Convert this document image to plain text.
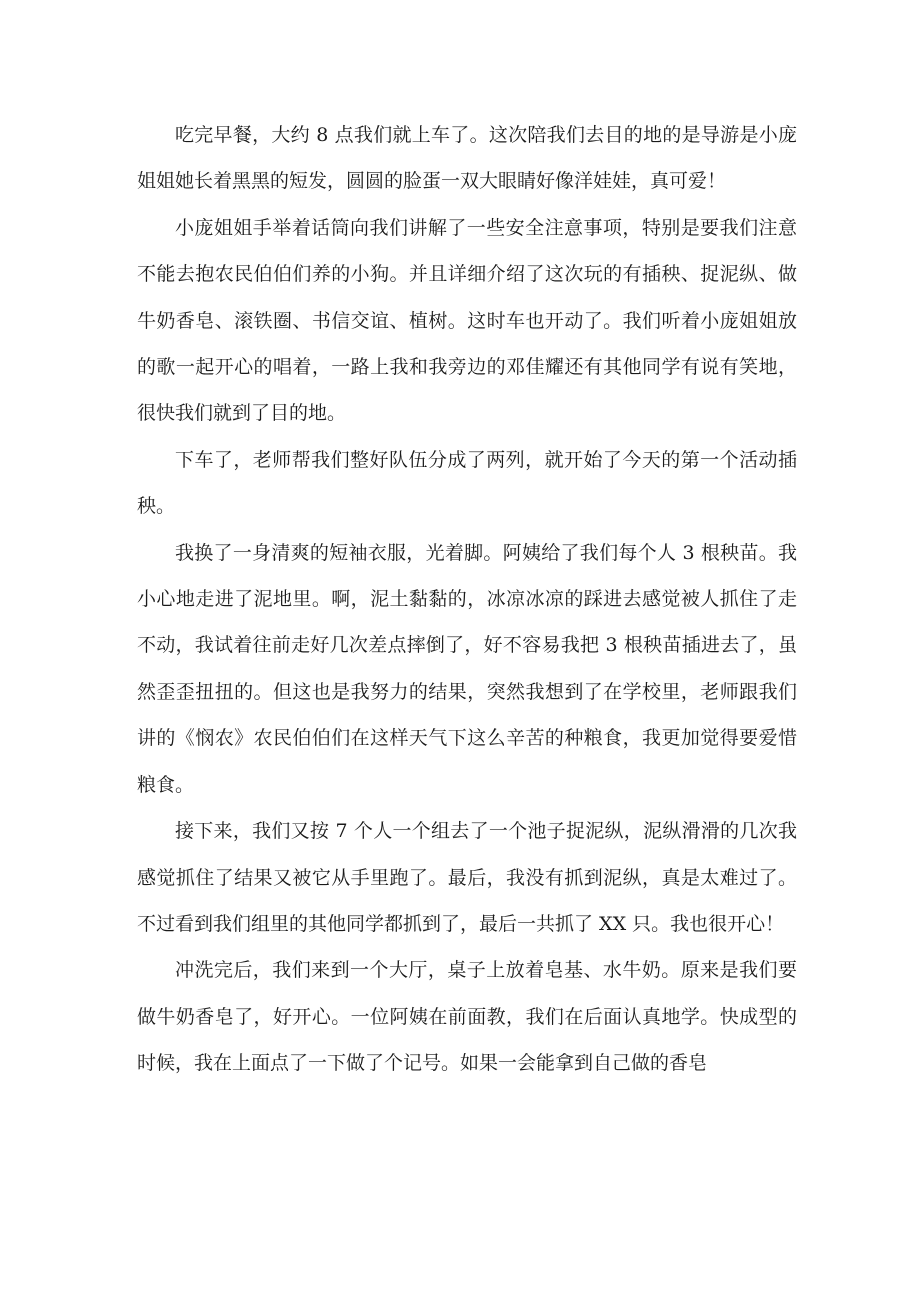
吃完早餐，大约 8 点我们就上车了。这次陪我们去目的地的是导游是小庞姐姐她长着黑黑的短发，圆圆的脸蛋一双大眼睛好像洋娃娃，真可爱！

小庞姐姐手举着话筒向我们讲解了一些安全注意事项，特别是要我们注意不能去抱农民伯伯们养的小狗。并且详细介绍了这次玩的有插秧、捉泥纵、做牛奶香皂、滚铁圈、书信交谊、植树。这时车也开动了。我们听着小庞姐姐放的歌一起开心的唱着，一路上我和我旁边的邓佳耀还有其他同学有说有笑地，很快我们就到了目的地。

下车了，老师帮我们整好队伍分成了两列，就开始了今天的第一个活动插秧。

我换了一身清爽的短袖衣服，光着脚。阿姨给了我们每个人 3 根秧苗。我小心地走进了泥地里。啊，泥土黏黏的，冰凉冰凉的踩进去感觉被人抓住了走不动，我试着往前走好几次差点摔倒了，好不容易我把 3 根秧苗插进去了，虽然歪歪扭扭的。但这也是我努力的结果，突然我想到了在学校里，老师跟我们讲的《悯农》农民伯伯们在这样天气下这么辛苦的种粮食，我更加觉得要爱惜粮食。

接下来，我们又按 7 个人一个组去了一个池子捉泥纵，泥纵滑滑的几次我感觉抓住了结果又被它从手里跑了。最后，我没有抓到泥纵，真是太难过了。不过看到我们组里的其他同学都抓到了，最后一共抓了 XX 只。我也很开心！

冲洗完后，我们来到一个大厅，桌子上放着皂基、水牛奶。原来是我们要做牛奶香皂了，好开心。一位阿姨在前面教，我们在后面认真地学。快成型的时候，我在上面点了一下做了个记号。如果一会能拿到自己做的香皂
